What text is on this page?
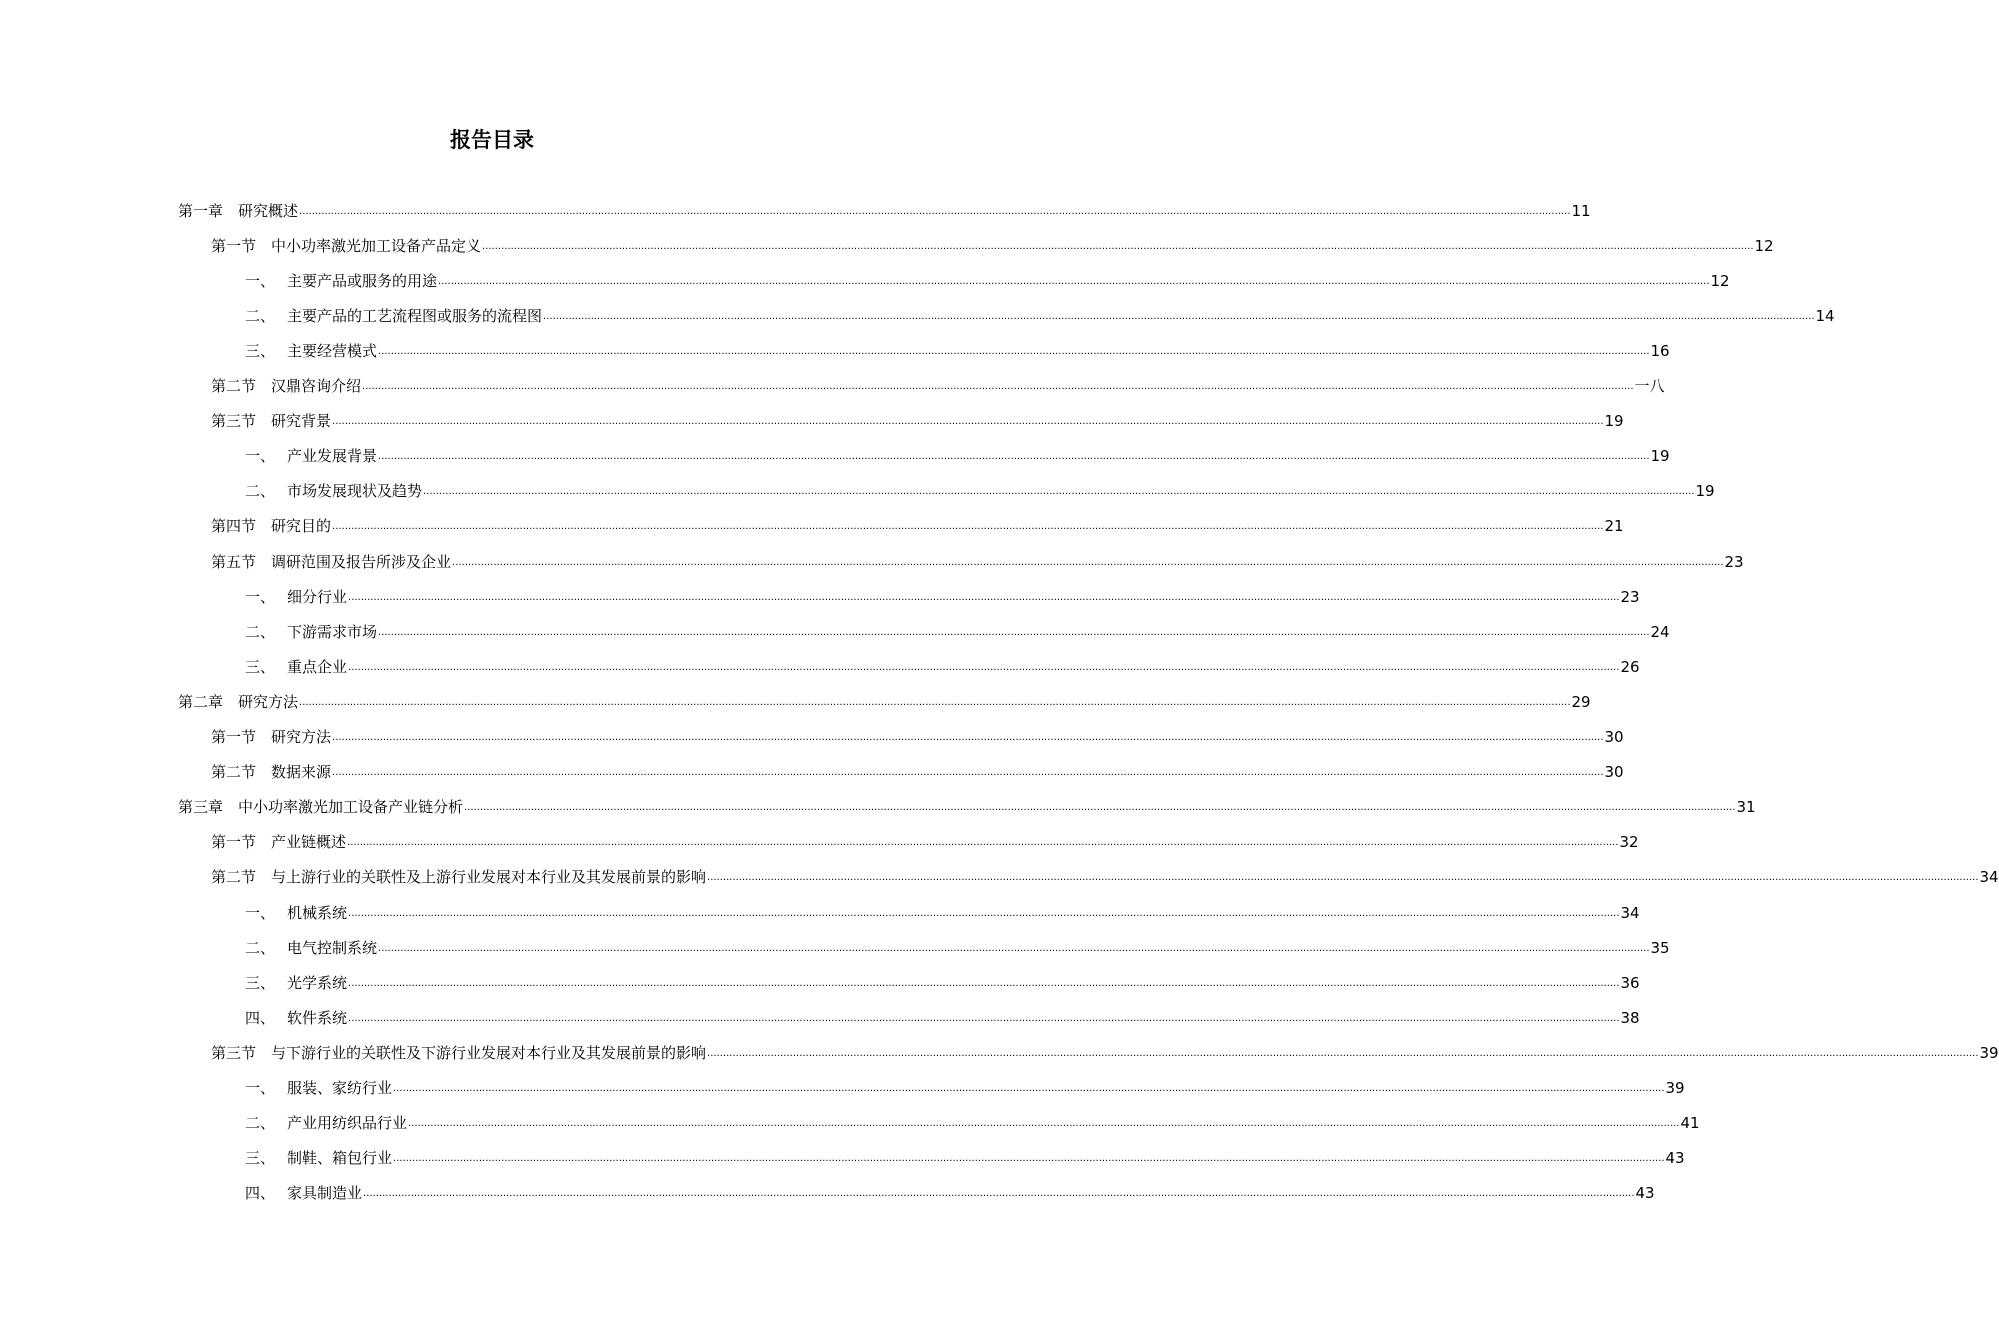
报告目录
第一章 研究概述 ................................................................................................................................................................................................................................................................................................................................................................................................................ 11
第一节 中小功率激光加工设备产品定义 ................................................................................................................................................................................................................................................................................................................................................................................................................ 12
一、 主要产品或服务的用途 ................................................................................................................................................................................................................................................................................................................................................................................................................ 12
二、 主要产品的工艺流程图或服务的流程图 ................................................................................................................................................................................................................................................................................................................................................................................................................ 14
三、 主要经营模式 ................................................................................................................................................................................................................................................................................................................................................................................................................ 16
第二节 汉鼎咨询介绍 ................................................................................................................................................................................................................................................................................................................................................................................................................ 一八
第三节 研究背景 ................................................................................................................................................................................................................................................................................................................................................................................................................ 19
一、 产业发展背景 ................................................................................................................................................................................................................................................................................................................................................................................................................ 19
二、 市场发展现状及趋势 ................................................................................................................................................................................................................................................................................................................................................................................................................ 19
第四节 研究目的 ................................................................................................................................................................................................................................................................................................................................................................................................................ 21
第五节 调研范围及报告所涉及企业 ................................................................................................................................................................................................................................................................................................................................................................................................................ 23
一、 细分行业 ................................................................................................................................................................................................................................................................................................................................................................................................................ 23
二、 下游需求市场 ................................................................................................................................................................................................................................................................................................................................................................................................................ 24
三、 重点企业 ................................................................................................................................................................................................................................................................................................................................................................................................................ 26
第二章 研究方法 ................................................................................................................................................................................................................................................................................................................................................................................................................ 29
第一节 研究方法 ................................................................................................................................................................................................................................................................................................................................................................................................................ 30
第二节 数据来源 ................................................................................................................................................................................................................................................................................................................................................................................................................ 30
第三章 中小功率激光加工设备产业链分析 ................................................................................................................................................................................................................................................................................................................................................................................................................ 31
第一节 产业链概述 ................................................................................................................................................................................................................................................................................................................................................................................................................ 32
第二节 与上游行业的关联性及上游行业发展对本行业及其发展前景的影响 ................................................................................................................................................................................................................................................................................................................................................................................................................ 34
一、 机械系统 ................................................................................................................................................................................................................................................................................................................................................................................................................ 34
二、 电气控制系统 ................................................................................................................................................................................................................................................................................................................................................................................................................ 35
三、 光学系统 ................................................................................................................................................................................................................................................................................................................................................................................................................ 36
四、 软件系统 ................................................................................................................................................................................................................................................................................................................................................................................................................ 38
第三节 与下游行业的关联性及下游行业发展对本行业及其发展前景的影响 ................................................................................................................................................................................................................................................................................................................................................................................................................ 39
一、 服装、家纺行业 ................................................................................................................................................................................................................................................................................................................................................................................................................ 39
二、 产业用纺织品行业 ................................................................................................................................................................................................................................................................................................................................................................................................................ 41
三、 制鞋、箱包行业 ................................................................................................................................................................................................................................................................................................................................................................................................................ 43
四、 家具制造业 ................................................................................................................................................................................................................................................................................................................................................................................................................ 43
